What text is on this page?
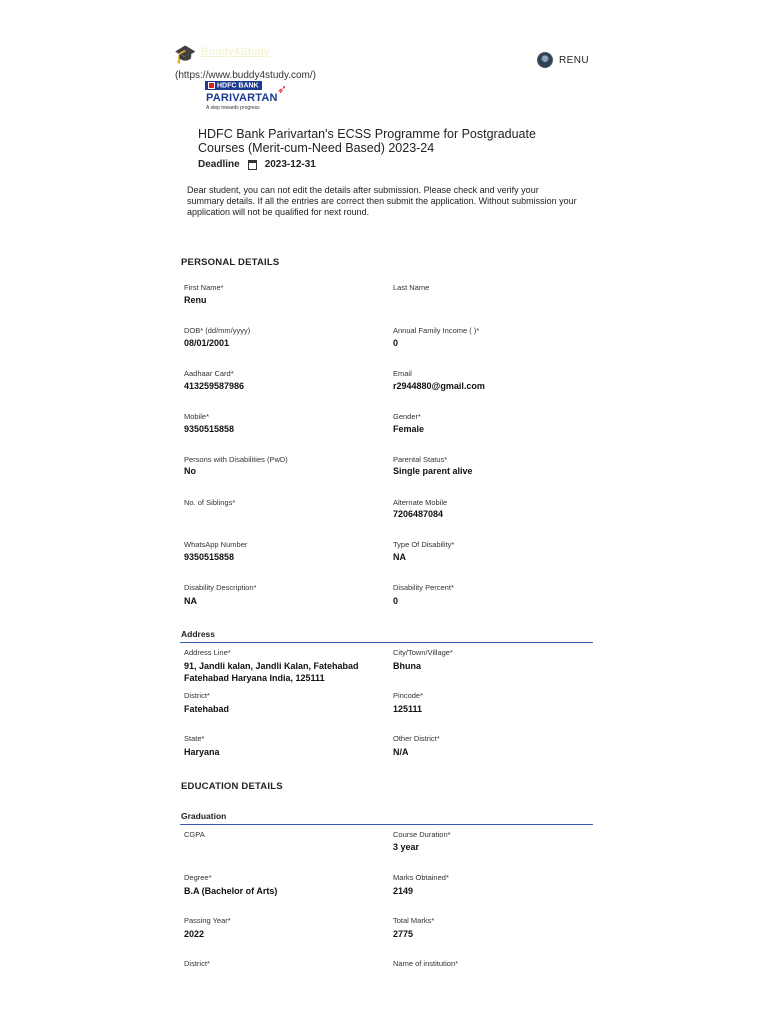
🎓 Buddy4Study
(https://www.buddy4study.com/)
RENU
HDFC BANK ➶
PARIVARTAN
A step towards progress
HDFC Bank Parivartan's ECSS Programme for Postgraduate Courses (Merit-cum-Need Based) 2023-24
Deadline	2023-12-31
Dear student, you can not edit the details after submission. Please check and verify your summary details. If all the entries are correct then submit the application. Without submission your application will not be qualified for next round.
PERSONAL DETAILS
First Name*
Renu
Last Name
DOB* (dd/mm/yyyy)
08/01/2001
Annual Family Income ( )*
0
Aadhaar Card*
413259587986
Email
r2944880@gmail.com
Mobile*
9350515858
Gender*
Female
Persons with Disabilities (PwD)
No
Parental Status*
Single parent alive
No. of Siblings*	Alternate Mobile
7206487084
WhatsApp Number
9350515858
Type Of Disability*
NA
Disability Description*
NA
Disability Percent*
0
Address
Address Line*
91, Jandli kalan, Jandli Kalan, Fatehabad Fatehabad Haryana India, 125111
City/Town/Village*
Bhuna
District*
Fatehabad
Pincode*
125111
State*
Haryana
Other District*
N/A
EDUCATION DETAILS
Graduation
CGPA	Course Duration*
3 year
Degree*
B.A (Bachelor of Arts)
Marks Obtained*
2149
Passing Year*
2022
Total Marks*
2775
District*	Name of institution*
